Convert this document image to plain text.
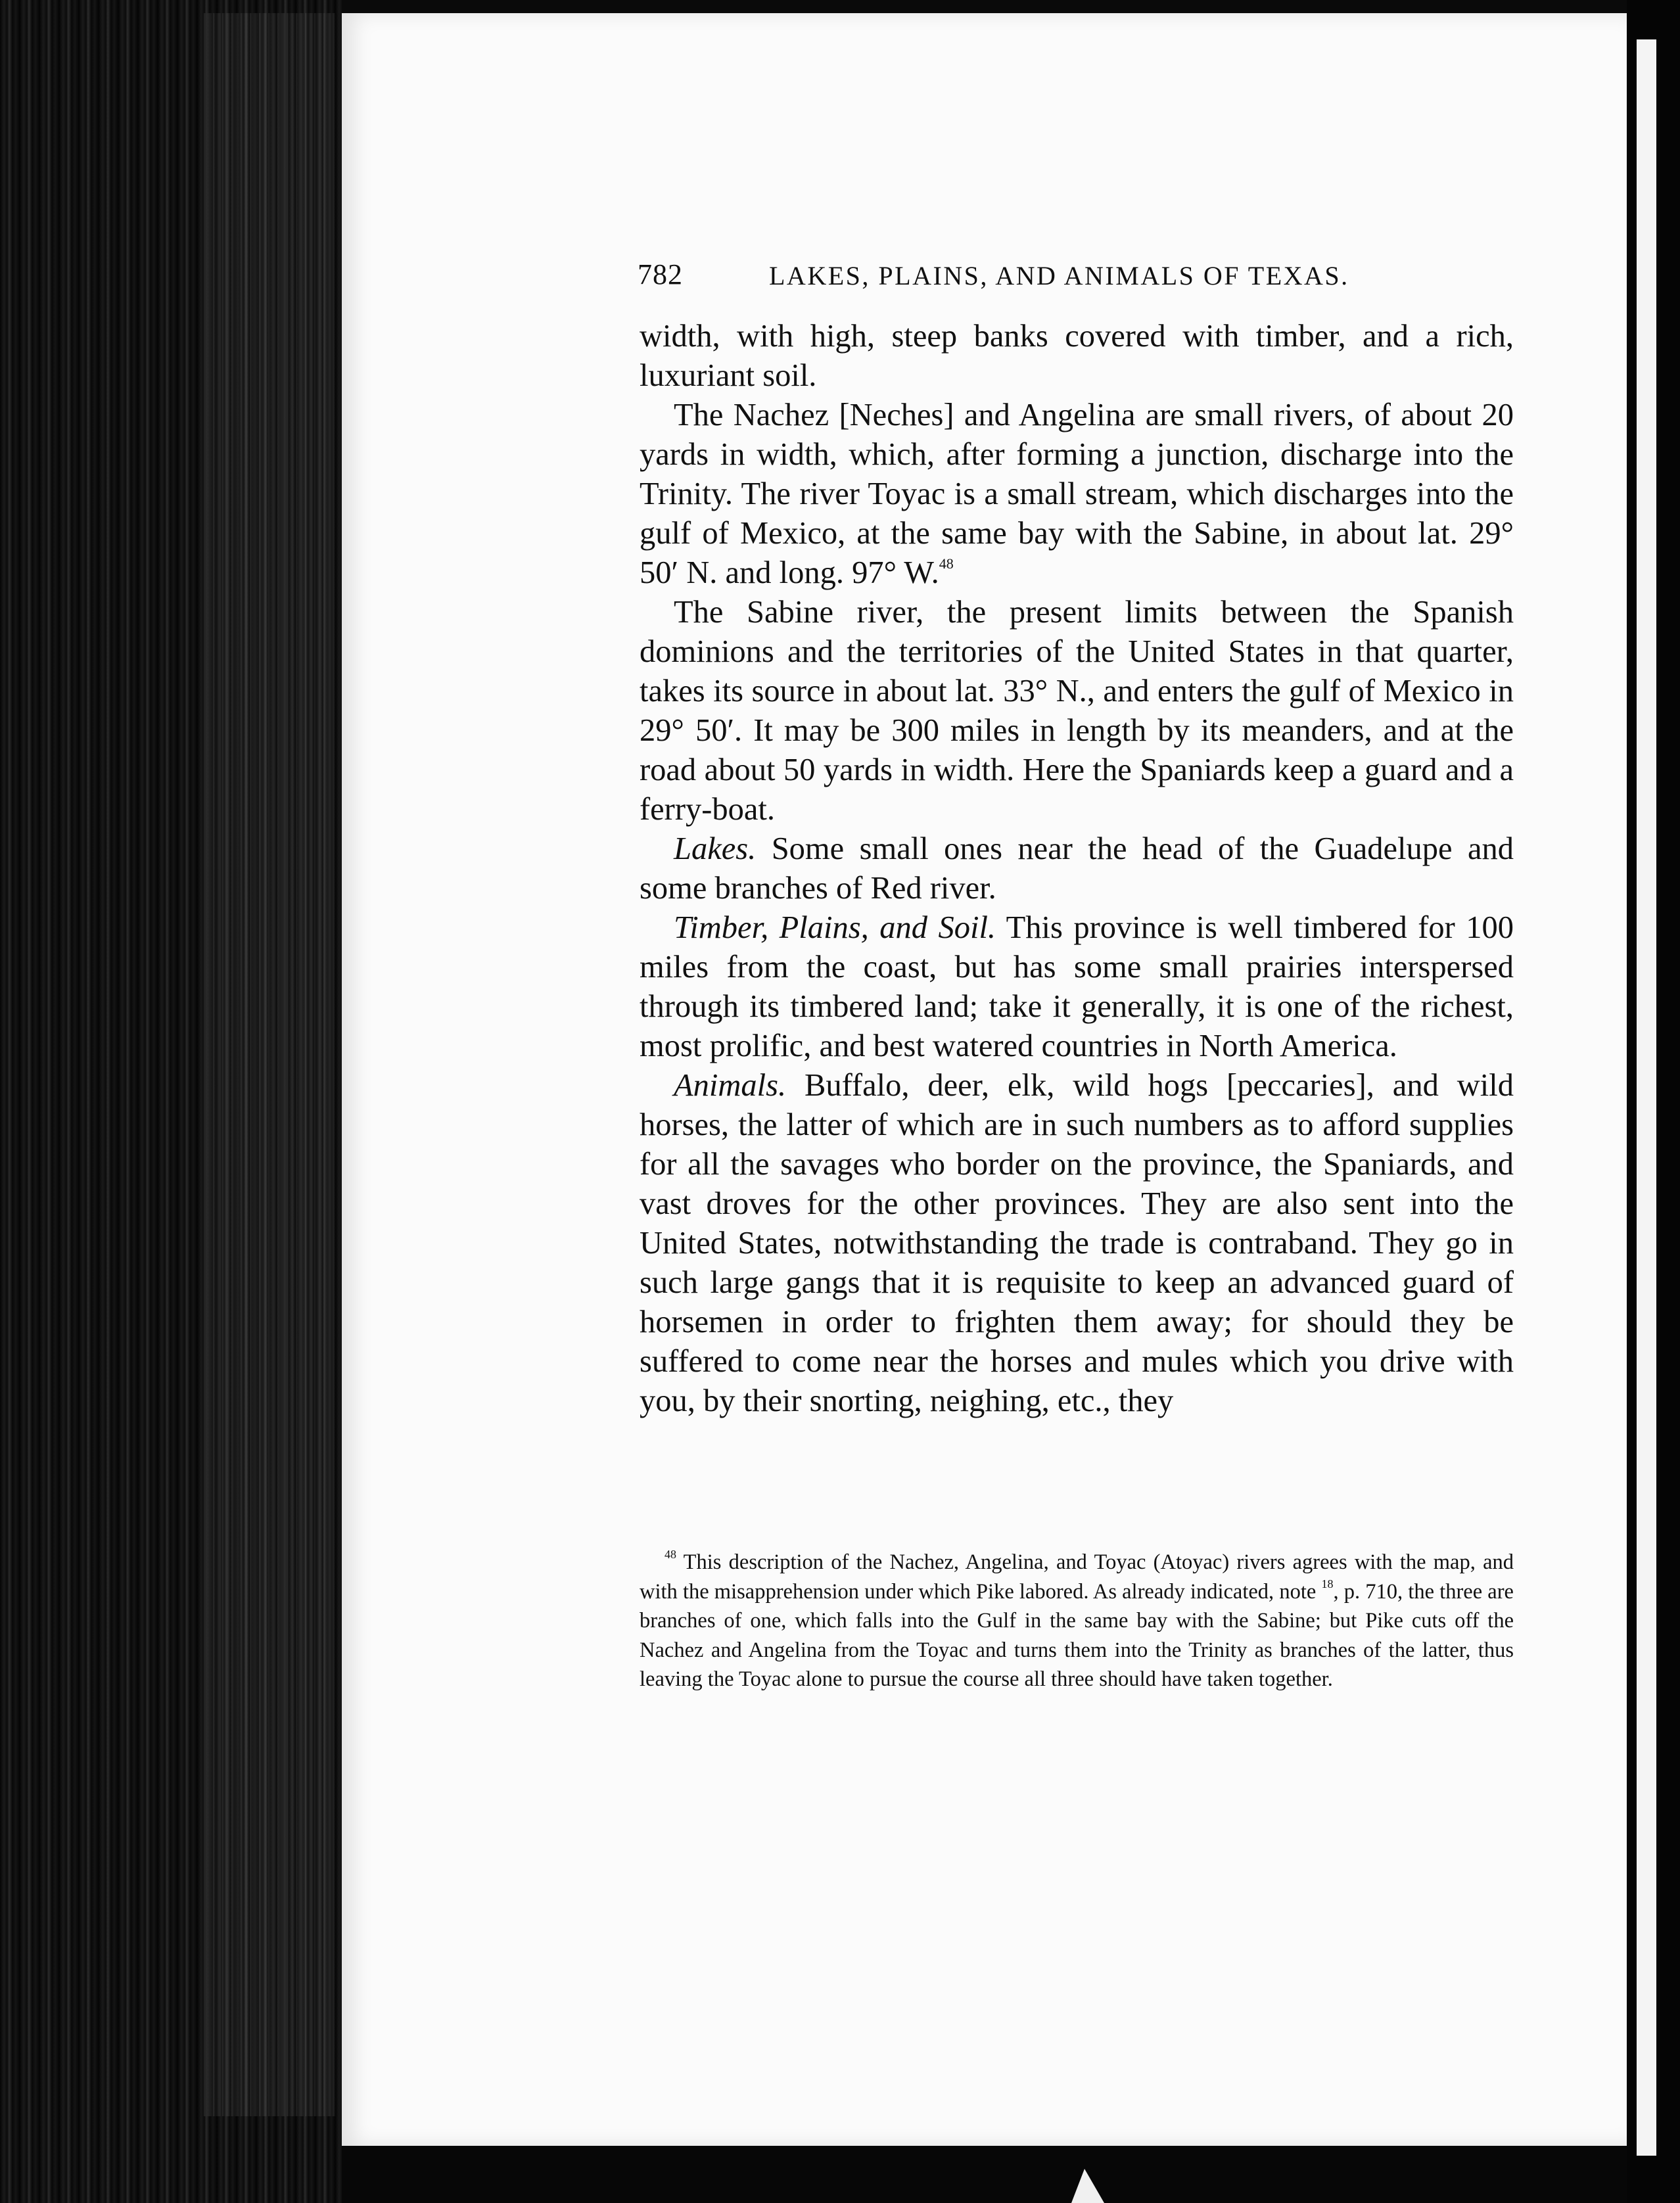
782	LAKES, PLAINS, AND ANIMALS OF TEXAS.

width, with high, steep banks covered with timber, and a rich, luxuriant soil.

The Nachez [Neches] and Angelina are small rivers, of about 20 yards in width, which, after forming a junction, discharge into the Trinity. The river Toyac is a small stream, which discharges into the gulf of Mexico, at the same bay with the Sabine, in about lat. 29° 50′ N. and long. 97° W.$^{48}$

The Sabine river, the present limits between the Spanish dominions and the territories of the United States in that quarter, takes its source in about lat. 33° N., and enters the gulf of Mexico in 29° 50′. It may be 300 miles in length by its meanders, and at the road about 50 yards in width. Here the Spaniards keep a guard and a ferry-boat.

Lakes. Some small ones near the head of the Guadelupe and some branches of Red river.

Timber, Plains, and Soil. This province is well timbered for 100 miles from the coast, but has some small prairies interspersed through its timbered land; take it generally, it is one of the richest, most prolific, and best watered countries in North America.

Animals. Buffalo, deer, elk, wild hogs [peccaries], and wild horses, the latter of which are in such numbers as to afford supplies for all the savages who border on the province, the Spaniards, and vast droves for the other provinces. They are also sent into the United States, notwithstanding the trade is contraband. They go in such large gangs that it is requisite to keep an advanced guard of horsemen in order to frighten them away; for should they be suffered to come near the horses and mules which you drive with you, by their snorting, neighing, etc., they

$^{48}$ This description of the Nachez, Angelina, and Toyac (Atoyac) rivers agrees with the map, and with the misapprehension under which Pike labored. As already indicated, note $^{18}$, p. 710, the three are branches of one, which falls into the Gulf in the same bay with the Sabine; but Pike cuts off the Nachez and Angelina from the Toyac and turns them into the Trinity as branches of the latter, thus leaving the Toyac alone to pursue the course all three should have taken together.
